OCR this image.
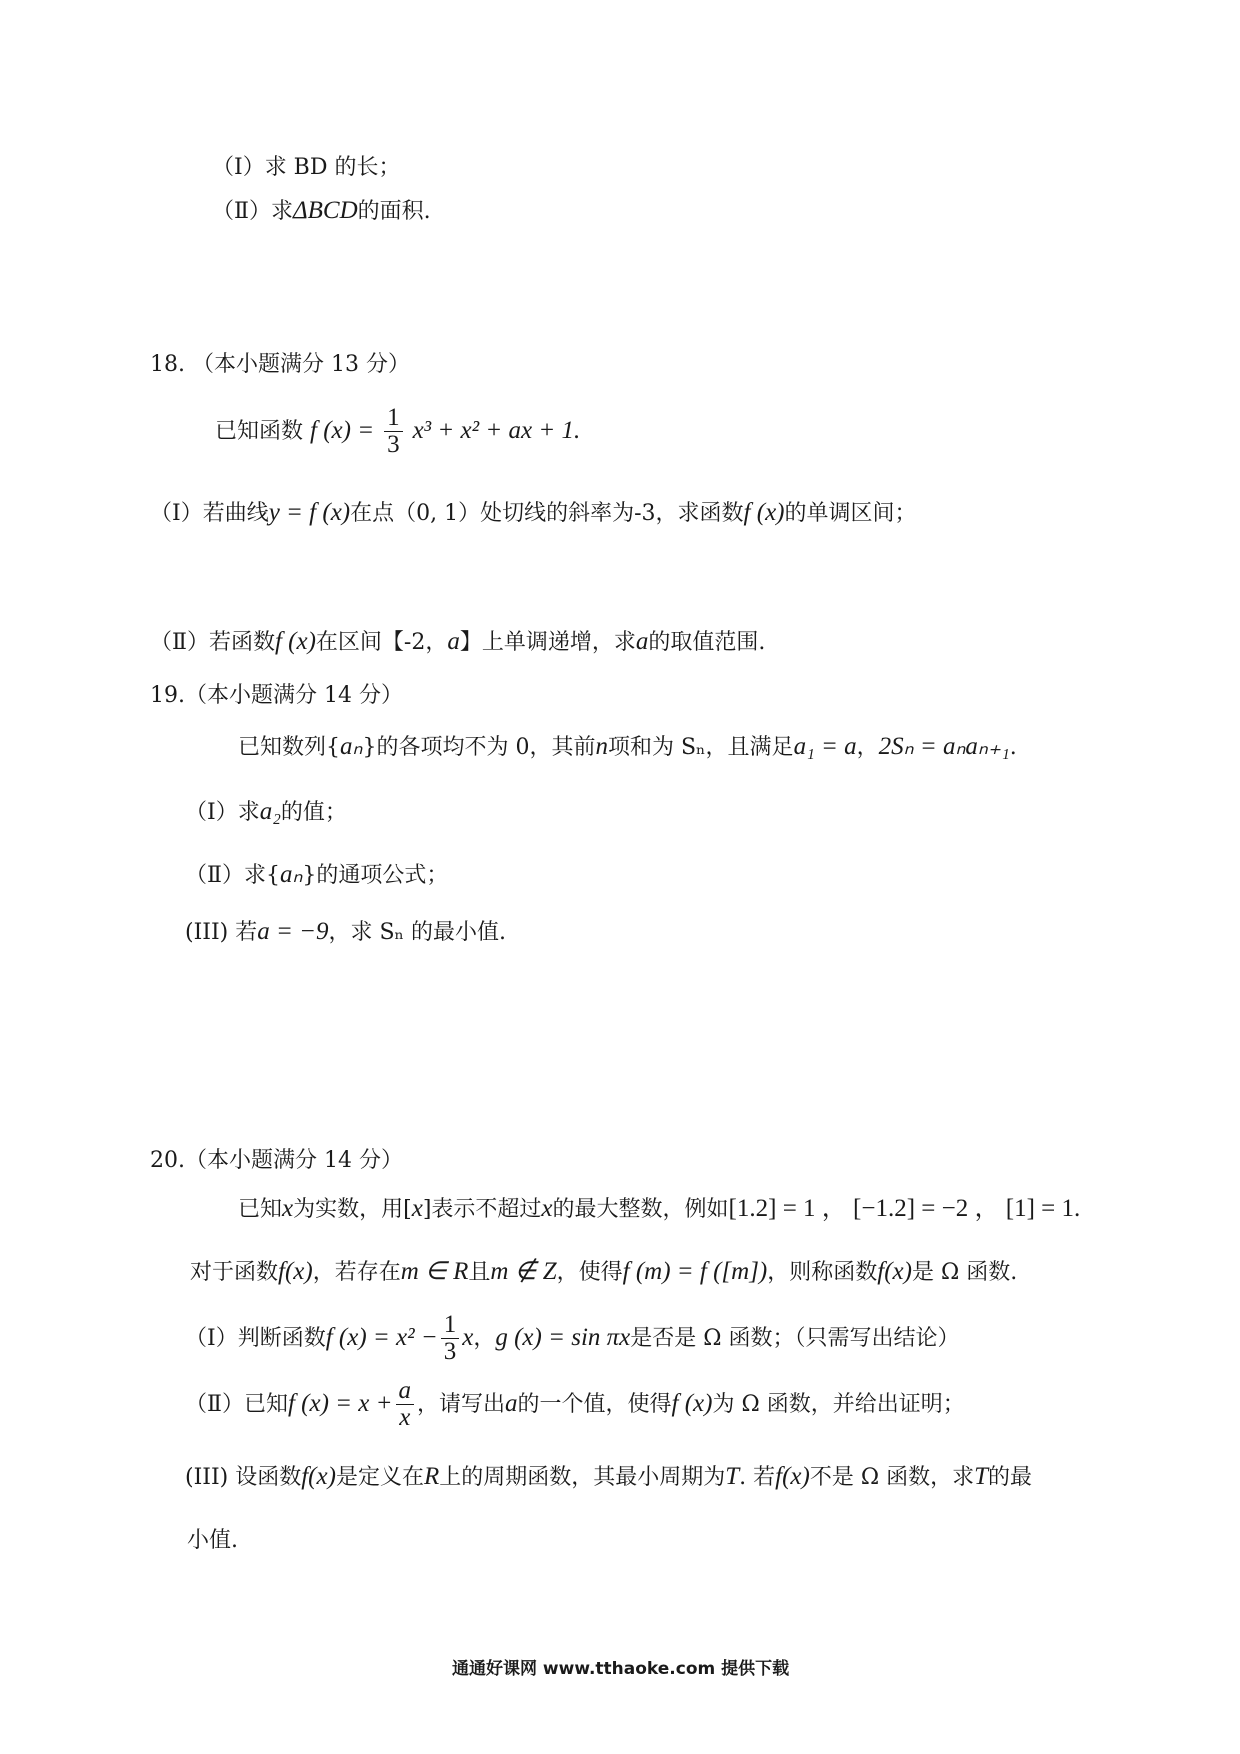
（Ⅰ）求 BD 的长；
（Ⅱ）求ΔBCD的面积.
18. （本小题满分 13 分）
已知函数 f $(x) = \frac{1}{3} x^3 + x^2$ + ax + 1.
（Ⅰ）若曲线y = f (x)在点（0, 1）处切线的斜率为-3，求函数f (x)的单调区间；
（Ⅱ）若函数f (x)在区间【-2，a】上单调递增，求a的取值范围.
19.（本小题满分 14 分）
已知数列{aₙ}的各项均不为 0，其前n项和为 Sₙ，且满足a₁ = a，2Sₙ = aₙaₙ₊₁.
（Ⅰ）求a₂的值；
（Ⅱ）求{aₙ}的通项公式；
(III) 若a = −9，求 Sₙ 的最小值.
20.（本小题满分 14 分）
已知x为实数，用[x]表示不超过x的最大整数，例如[1.2] = 1 ， [−1.2] = −2 ， [1] = 1.
对于函数f(x)，若存在m ∈ R且m ∉ Z，使得f (m) = f ([m])，则称函数f(x)是 Ω 函数.
（Ⅰ）判断函数f $(x) = x^2 - \frac{1}{3}$ x，g (x) = sin πx是否是 Ω 函数；（只需写出结论）
（Ⅱ）已知f $(x) = x + \frac{a}{x}$ ，请写出a的一个值，使得f (x)为 Ω 函数，并给出证明；
(III) 设函数f(x)是定义在R上的周期函数，其最小周期为T. 若f(x)不是 Ω 函数，求T的最
小值.
通通好课网 www.tthaoke.com 提供下载
